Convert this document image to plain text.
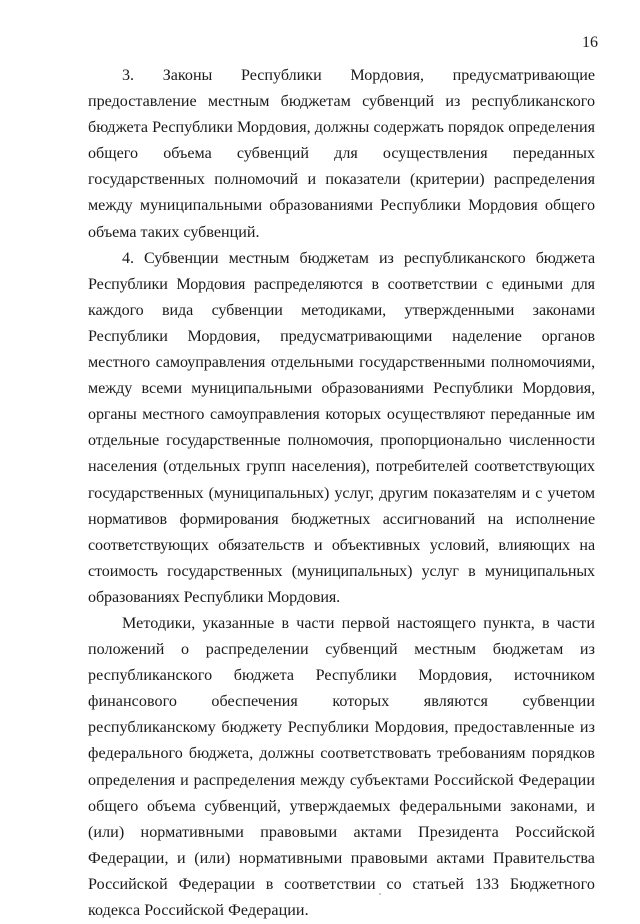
16

3. Законы Республики Мордовия, предусматривающие предоставление местным бюджетам субвенций из республиканского бюджета Республики Мордовия, должны содержать порядок определения общего объема субвенций для осуществления переданных государственных полномочий и показатели (критерии) распределения между муниципальными образованиями Республики Мордовия общего объема таких субвенций.

4. Субвенции местным бюджетам из республиканского бюджета Республики Мордовия распределяются в соответствии с едиными для каждого вида субвенции методиками, утвержденными законами Республики Мордовия, предусматривающими наделение органов местного самоуправления отдельными государственными полномочиями, между всеми муниципальными образованиями Республики Мордовия, органы местного самоуправления которых осуществляют переданные им отдельные государственные полномочия, пропорционально численности населения (отдельных групп населения), потребителей соответствующих государственных (муниципальных) услуг, другим показателям и с учетом нормативов формирования бюджетных ассигнований на исполнение соответствующих обязательств и объективных условий, влияющих на стоимость государственных (муниципальных) услуг в муниципальных образованиях Республики Мордовия.

Методики, указанные в части первой настоящего пункта, в части положений о распределении субвенций местным бюджетам из республиканского бюджета Республики Мордовия, источником финансового обеспечения которых являются субвенции республиканскому бюджету Республики Мордовия, предоставленные из федерального бюджета, должны соответствовать требованиям порядков определения и распределения между субъектами Российской Федерации общего объема субвенций, утверждаемых федеральными законами, и (или) нормативными правовыми актами Президента Российской Федерации, и (или) нормативными правовыми актами Правительства Российской Федерации в соответствии со статьей 133 Бюджетного кодекса Российской Федерации.
